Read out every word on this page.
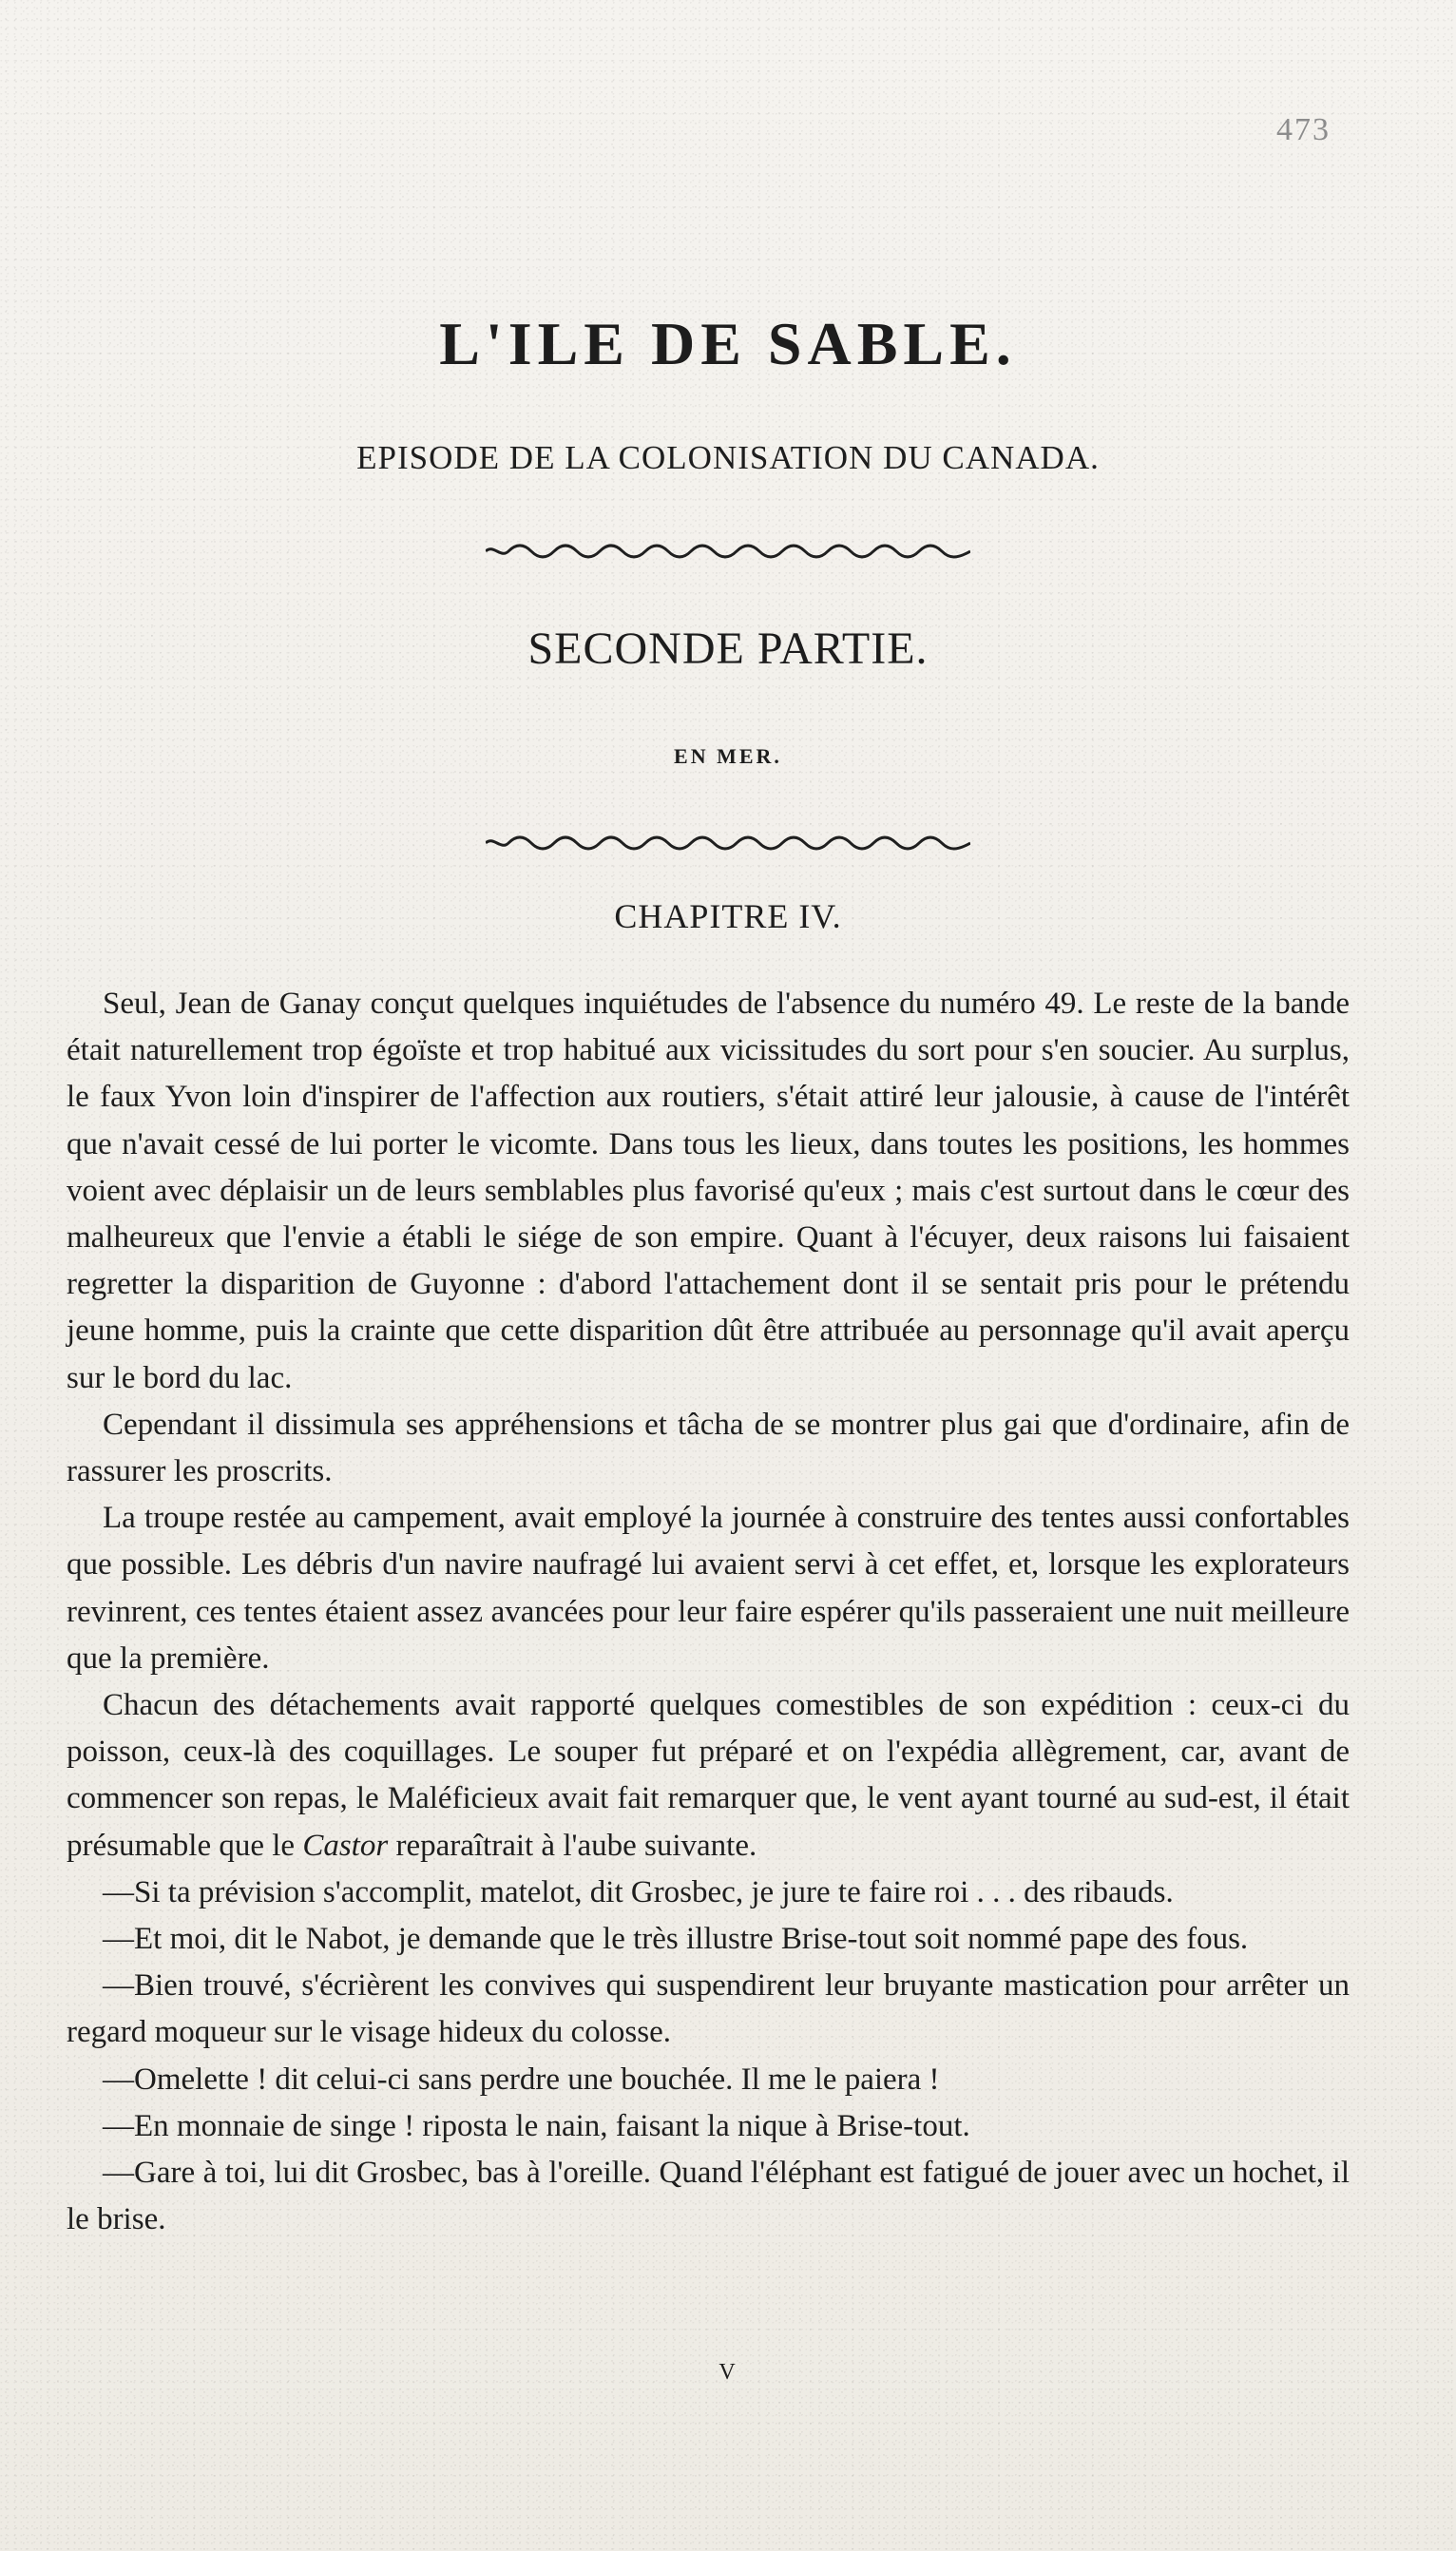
473
L'ILE DE SABLE.
EPISODE DE LA COLONISATION DU CANADA.
SECONDE PARTIE.
EN MER.
CHAPITRE IV.

Seul, Jean de Ganay conçut quelques inquiétudes de l'absence du numéro 49. Le reste de la bande était naturellement trop égoïste et trop habitué aux vicissitudes du sort pour s'en soucier. Au surplus, le faux Yvon loin d'inspirer de l'affection aux routiers, s'était attiré leur jalousie, à cause de l'intérêt que n'avait cessé de lui porter le vicomte. Dans tous les lieux, dans toutes les positions, les hommes voient avec déplaisir un de leurs semblables plus favorisé qu'eux ; mais c'est surtout dans le cœur des malheureux que l'envie a établi le siége de son empire. Quant à l'écuyer, deux raisons lui faisaient regretter la disparition de Guyonne : d'abord l'attachement dont il se sentait pris pour le prétendu jeune homme, puis la crainte que cette disparition dût être attribuée au personnage qu'il avait aperçu sur le bord du lac.

Cependant il dissimula ses appréhensions et tâcha de se montrer plus gai que d'ordinaire, afin de rassurer les proscrits.

La troupe restée au campement, avait employé la journée à construire des tentes aussi confortables que possible. Les débris d'un navire naufragé lui avaient servi à cet effet, et, lorsque les explorateurs revinrent, ces tentes étaient assez avancées pour leur faire espérer qu'ils passeraient une nuit meilleure que la première.

Chacun des détachements avait rapporté quelques comestibles de son expédition : ceux-ci du poisson, ceux-là des coquillages. Le souper fut préparé et on l'expédia allègrement, car, avant de commencer son repas, le Maléficieux avait fait remarquer que, le vent ayant tourné au sud-est, il était présumable que le Castor reparaîtrait à l'aube suivante.

—Si ta prévision s'accomplit, matelot, dit Grosbec, je jure te faire roi . . . des ribauds.

—Et moi, dit le Nabot, je demande que le très illustre Brise-tout soit nommé pape des fous.

—Bien trouvé, s'écrièrent les convives qui suspendirent leur bruyante mastication pour arrêter un regard moqueur sur le visage hideux du colosse.

—Omelette ! dit celui-ci sans perdre une bouchée. Il me le paiera !

—En monnaie de singe ! riposta le nain, faisant la nique à Brise-tout.

—Gare à toi, lui dit Grosbec, bas à l'oreille. Quand l'éléphant est fatigué de jouer avec un hochet, il le brise.

V
